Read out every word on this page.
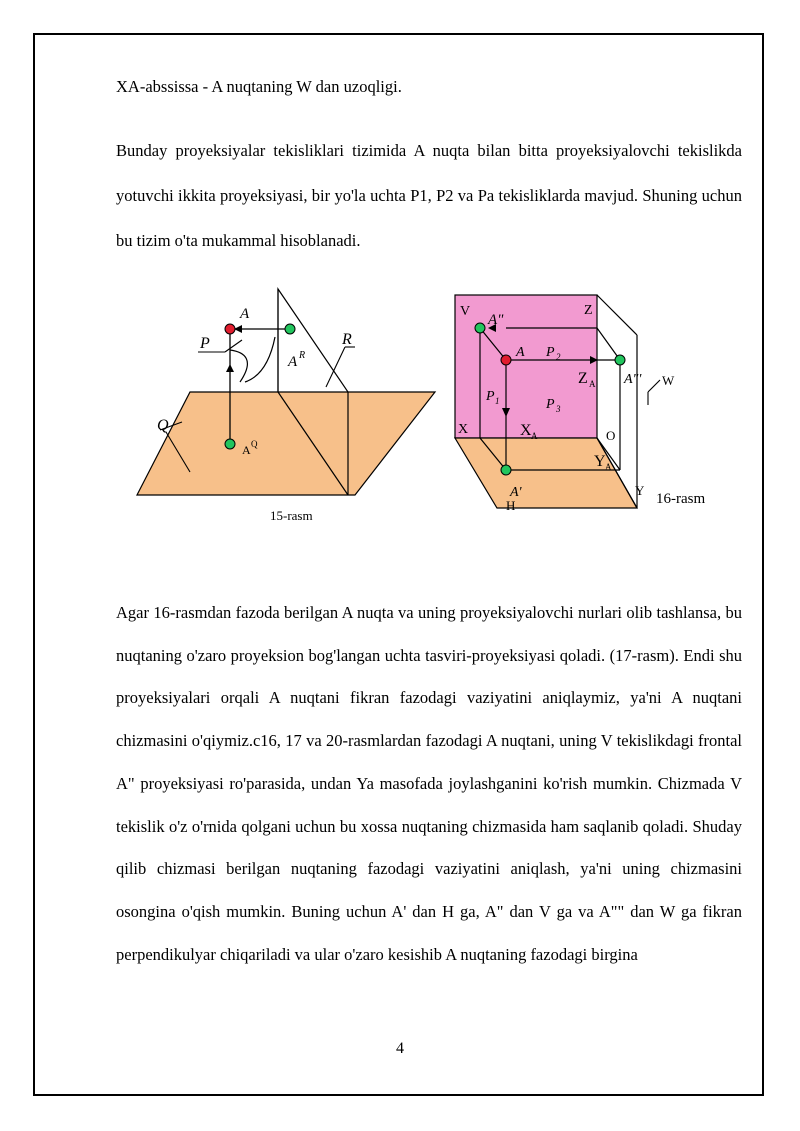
XA-abssissa - A nuqtaning W dan uzoqligi.

Bunday proyeksiyalar tekisliklari tizimida A nuqta bilan bitta proyeksiyalovchi tekislikda yotuvchi ikkita proyeksiyasi, bir yo'la uchta P1, P2 va Pa tekisliklarda mavjud. Shuning uchun bu tizim o'ta mukammal hisoblanadi.

A
P
Q
R
A R
A Q
15-rasm
V
A"
Z
A P 2
Z A A"' W
P 1	P 3
X	X A	O
Y A
Y
A'
H	16-rasm

Agar 16-rasmdan fazoda berilgan A nuqta va uning proyeksiyalovchi nurlari olib tashlansa, bu nuqtaning o'zaro proyeksion bog'langan uchta tasviri-proyeksiyasi qoladi. (17-rasm). Endi shu proyeksiyalari orqali A nuqtani fikran fazodagi vaziyatini aniqlaymiz, ya'ni A nuqtani chizmasini o'qiymiz.c16, 17 va 20-rasmlardan fazodagi A nuqtani, uning V tekislikdagi frontal A" proyeksiyasi ro'parasida, undan Ya masofada joylashganini ko'rish mumkin. Chizmada V tekislik o'z o'rnida qolgani uchun bu xossa nuqtaning chizmasida ham saqlanib qoladi. Shuday qilib chizmasi berilgan nuqtaning fazodagi vaziyatini aniqlash, ya'ni uning chizmasini osongina o'qish mumkin. Buning uchun A' dan H ga, A" dan V ga va A"" dan W ga fikran perpendikulyar chiqariladi va ular o'zaro kesishib A nuqtaning fazodagi birgina

4
